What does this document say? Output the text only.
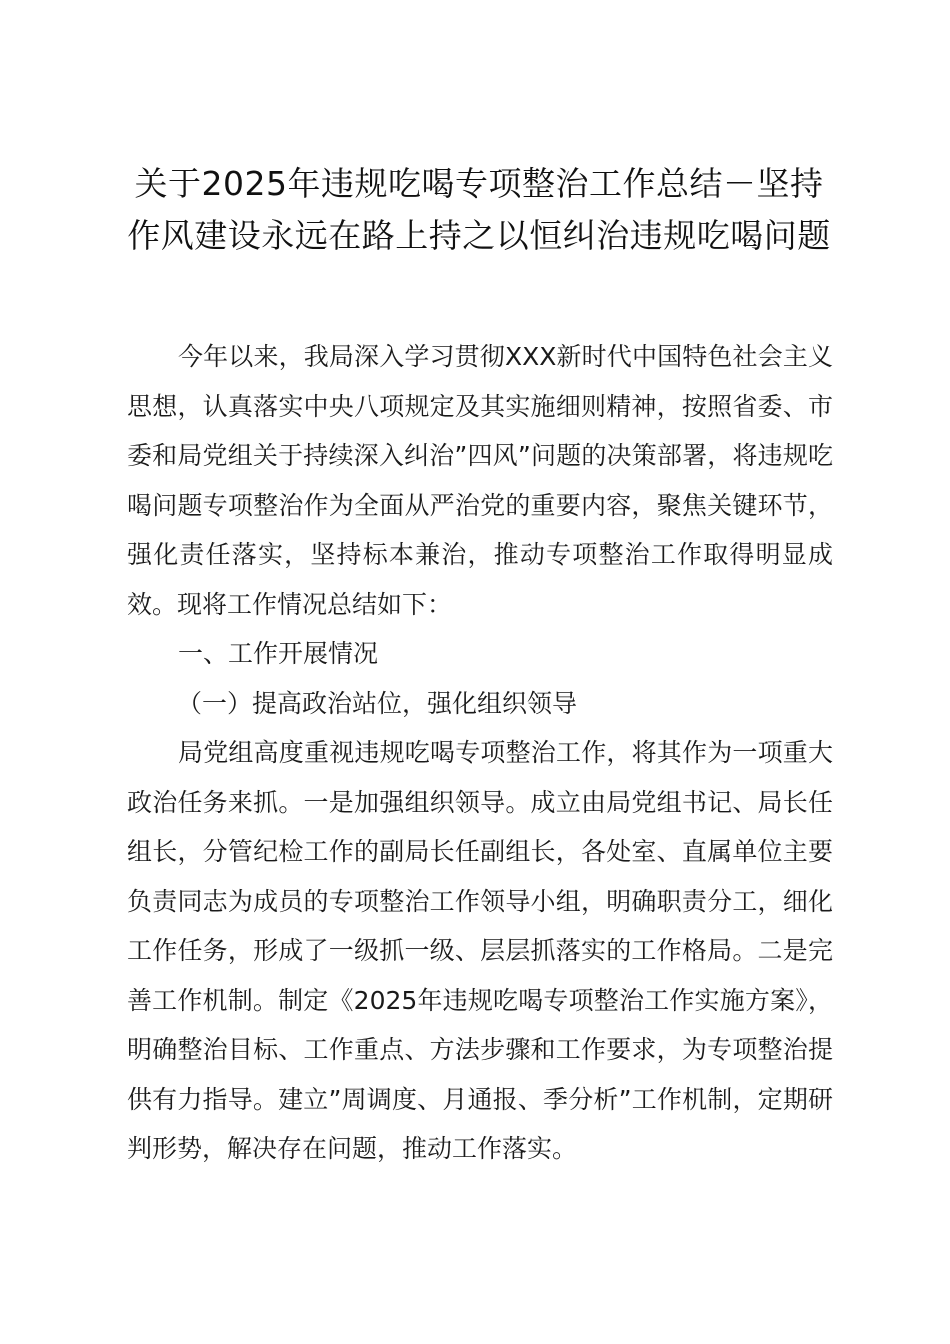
关于2025年违规吃喝专项整治工作总结－坚持作风建设永远在路上持之以恒纠治违规吃喝问题

今年以来，我局深入学习贯彻XXX新时代中国特色社会主义思想，认真落实中央八项规定及其实施细则精神，按照省委、市委和局党组关于持续深入纠治”四风”问题的决策部署，将违规吃喝问题专项整治作为全面从严治党的重要内容，聚焦关键环节，强化责任落实，坚持标本兼治，推动专项整治工作取得明显成效。现将工作情况总结如下：

一、工作开展情况

（一）提高政治站位，强化组织领导

局党组高度重视违规吃喝专项整治工作，将其作为一项重大政治任务来抓。一是加强组织领导。成立由局党组书记、局长任组长，分管纪检工作的副局长任副组长，各处室、直属单位主要负责同志为成员的专项整治工作领导小组，明确职责分工，细化工作任务，形成了一级抓一级、层层抓落实的工作格局。二是完善工作机制。制定《2025年违规吃喝专项整治工作实施方案》，明确整治目标、工作重点、方法步骤和工作要求，为专项整治提供有力指导。建立”周调度、月通报、季分析”工作机制，定期研判形势，解决存在问题，推动工作落实。
